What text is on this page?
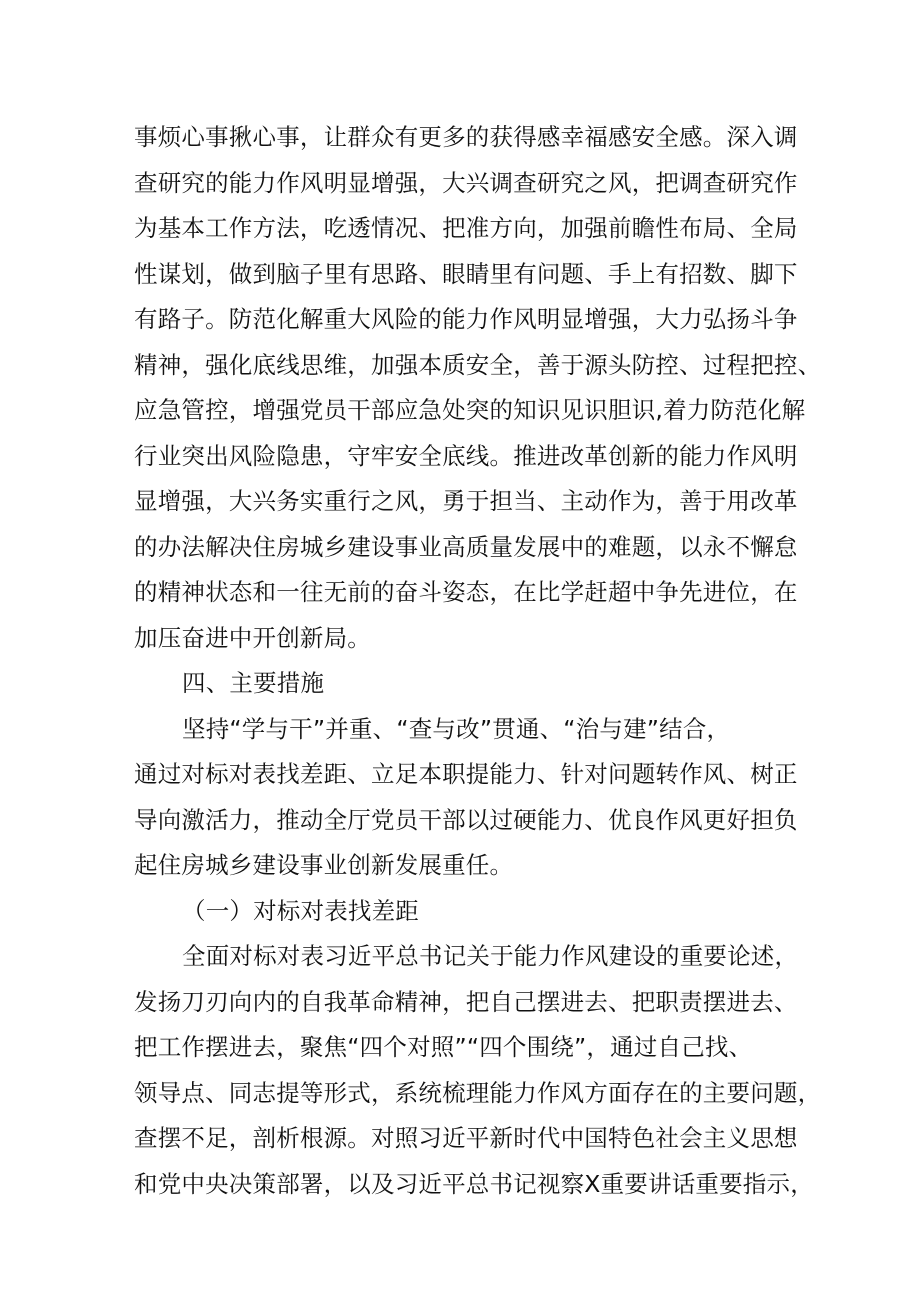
事烦心事揪心事，让群众有更多的获得感幸福感安全感。深入调
查研究的能力作风明显增强，大兴调查研究之风，把调查研究作
为基本工作方法，吃透情况、把准方向，加强前瞻性布局、全局
性谋划，做到脑子里有思路、眼睛里有问题、手上有招数、脚下
有路子。防范化解重大风险的能力作风明显增强，大力弘扬斗争
精神，强化底线思维，加强本质安全，善于源头防控、过程把控、
应急管控，增强党员干部应急处突的知识见识胆识,着力防范化解
行业突出风险隐患，守牢安全底线。推进改革创新的能力作风明
显增强，大兴务实重行之风，勇于担当、主动作为，善于用改革
的办法解决住房城乡建设事业高质量发展中的难题，以永不懈怠
的精神状态和一往无前的奋斗姿态，在比学赶超中争先进位，在
加压奋进中开创新局。
四、主要措施
坚持“学与干”并重、“查与改”贯通、“治与建”结合，
通过对标对表找差距、立足本职提能力、针对问题转作风、树正
导向激活力，推动全厅党员干部以过硬能力、优良作风更好担负
起住房城乡建设事业创新发展重任。
（一）对标对表找差距
全面对标对表习近平总书记关于能力作风建设的重要论述，
发扬刀刃向内的自我革命精神，把自己摆进去、把职责摆进去、
把工作摆进去，聚焦“四个对照”“四个围绕”，通过自己找、
领导点、同志提等形式，系统梳理能力作风方面存在的主要问题，
查摆不足，剖析根源。对照习近平新时代中国特色社会主义思想
和党中央决策部署，以及习近平总书记视察X重要讲话重要指示，
